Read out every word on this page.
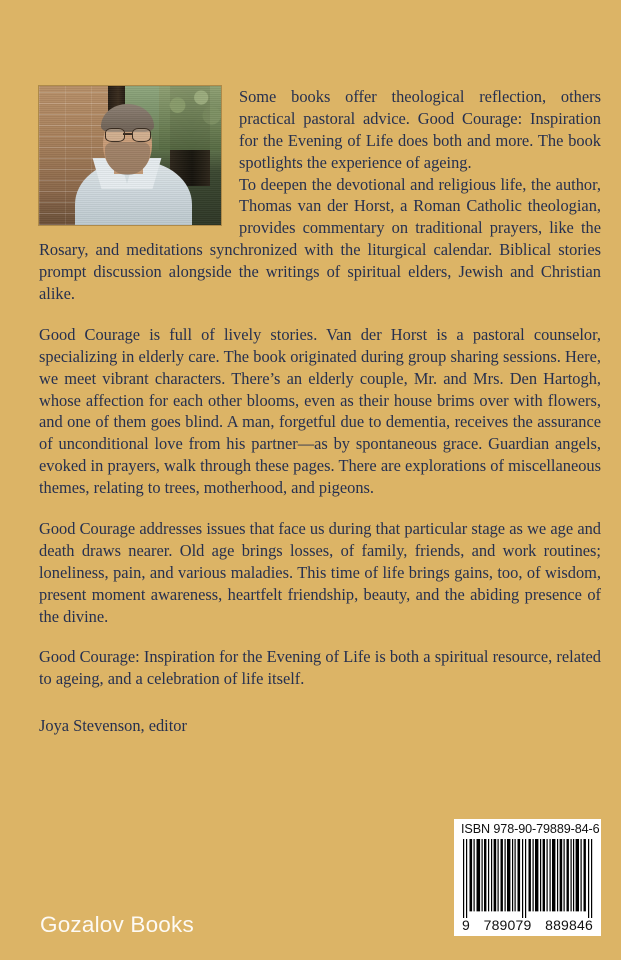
Some books offer theological reflection, others practical pastoral advice. Good Courage: Inspiration for the Evening of Life does both and more. The book spotlights the experience of ageing.

To deepen the devotional and religious life, the author, Thomas van der Horst, a Roman Catholic theologian, provides commentary on traditional prayers, like the Rosary, and meditations synchronized with the liturgical calendar. Biblical stories prompt discussion alongside the writings of spiritual elders, Jewish and Christian alike.

Good Courage is full of lively stories. Van der Horst is a pastoral counselor, specializing in elderly care. The book originated during group sharing sessions. Here, we meet vibrant characters. There’s an elderly couple, Mr. and Mrs. Den Hartogh, whose affection for each other blooms, even as their house brims over with flowers, and one of them goes blind. A man, forgetful due to dementia, receives the assurance of unconditional love from his partner—as by spontaneous grace. Guardian angels, evoked in prayers, walk through these pages. There are explorations of miscellaneous themes, relating to trees, motherhood, and pigeons.

Good Courage addresses issues that face us during that particular stage as we age and death draws nearer. Old age brings losses, of family, friends, and work routines; loneliness, pain, and various maladies. This time of life brings gains, too, of wisdom, present moment awareness, heartfelt friendship, beauty, and the abiding presence of the divine.

Good Courage: Inspiration for the Evening of Life is both a spiritual resource, related to ageing, and a celebration of life itself.

Joya Stevenson, editor
Gozalov Books
ISBN 978-90-79889-84-6
9 789079 889846
